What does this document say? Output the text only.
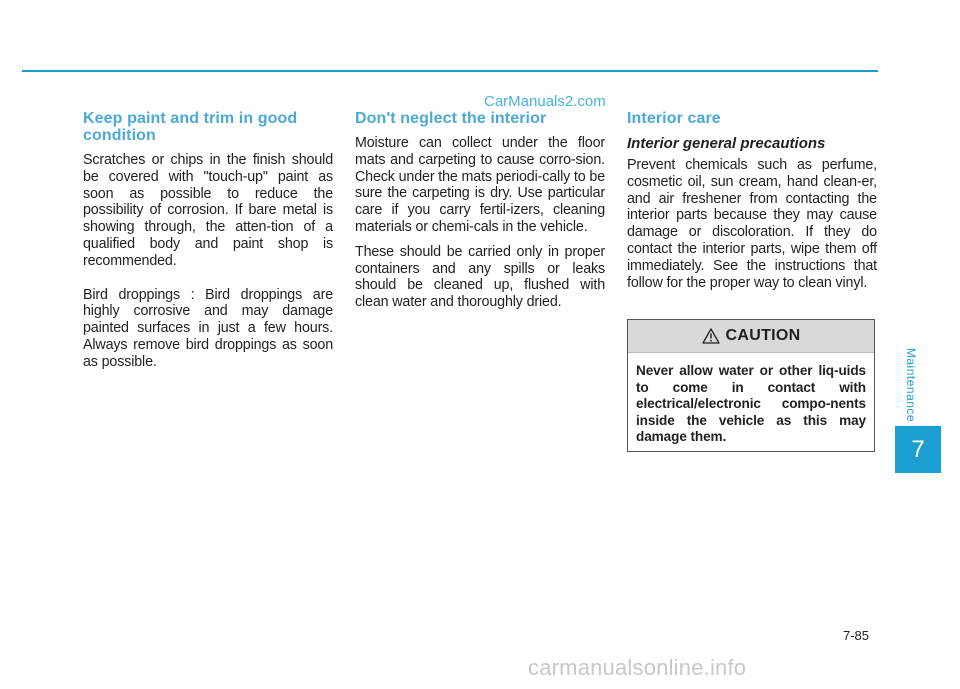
CarManuals2.com
Keep paint and trim in good condition

Scratches or chips in the finish should be covered with "touch-up" paint as soon as possible to reduce the possibility of corrosion. If bare metal is showing through, the atten-tion of a qualified body and paint shop is recommended.

Bird droppings : Bird droppings are highly corrosive and may damage painted surfaces in just a few hours. Always remove bird droppings as soon as possible.

Don't neglect the interior

Moisture can collect under the floor mats and carpeting to cause corro-sion. Check under the mats periodi-cally to be sure the carpeting is dry. Use particular care if you carry fertil-izers, cleaning materials or chemi-cals in the vehicle.

These should be carried only in proper containers and any spills or leaks should be cleaned up, flushed with clean water and thoroughly dried.

Interior care
Interior general precautions

Prevent chemicals such as perfume, cosmetic oil, sun cream, hand clean-er, and air freshener from contacting the interior parts because they may cause damage or discoloration. If they do contact the interior parts, wipe them off immediately. See the instructions that follow for the proper way to clean vinyl.

CAUTION
Never allow water or other liq-uids to come in contact with electrical/electronic compo-nents inside the vehicle as this may damage them.
Maintenance
7
7-85
carmanualsonline.info
